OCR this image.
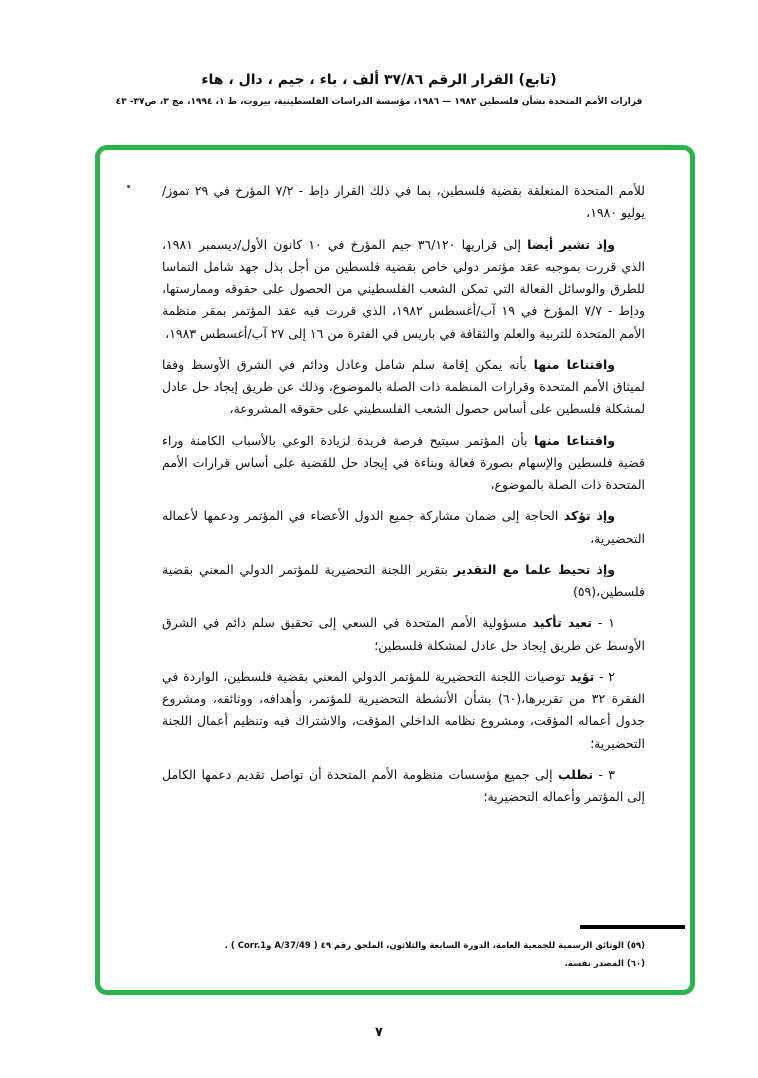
(تابع) القرار الرقم ٣٧/٨٦ ألف ، باء ، جيم ، دال ، هاء
قرارات الأمم المتحدة بشأن فلسطين ١٩٨٢ — ١٩٨٦، مؤسسة الدراسات الفلسطينية، بيروت، ط ١، ١٩٩٤، مج ٣، ص٣٧- ٤٣

للأمم المتحدة المتعلقة بقضية فلسطين، بما في ذلك القرار دإط - ٧/٢ المؤرخ في ٢٩ تموز/يوليو ١٩٨٠،

وإذ تشير أيضا إلى قراريها ٣٦/١٢٠ جيم المؤرخ في ١٠ كانون الأول/ديسمبر ١٩٨١، الذي قررت بموجبه عقد مؤتمر دولي خاص بقضية فلسطين من أجل بذل جهد شامل التماسا للطرق والوسائل الفعالة التي تمكن الشعب الفلسطيني من الحصول على حقوقه وممارستها، ودإط - ٧/٧ المؤرخ في ١٩ آب/أغسطس ١٩٨٢، الذي قررت فيه عقد المؤتمر بمقر منظمة الأمم المتحدة للتربية والعلم والثقافة في باريس في الفترة من ١٦ إلى ٢٧ آب/أغسطس ١٩٨٣،

واقتناعا منها بأنه يمكن إقامة سلم شامل وعادل ودائم في الشرق الأوسط وفقا لميثاق الأمم المتحدة وقرارات المنظمة ذات الصلة بالموضوع، وذلك عن طريق إيجاد حل عادل لمشكلة فلسطين على أساس حصول الشعب الفلسطيني على حقوقه المشروعة،

واقتناعا منها بأن المؤتمر سيتيح فرصة فريدة لزيادة الوعي بالأسباب الكامنة وراء قضية فلسطين والإسهام بصورة فعالة وبناءة في إيجاد حل للقضية على أساس قرارات الأمم المتحدة ذات الصلة بالموضوع،

وإذ تؤكد الحاجة إلى ضمان مشاركة جميع الدول الأعضاء في المؤتمر ودعمها لأعماله التحضيرية،

وإذ تحيط علما مع التقدير بتقرير اللجنة التحضيرية للمؤتمر الدولي المعني بقضية فلسطين،(٥٩)

١ - تعيد تأكيد مسؤولية الأمم المتحدة في السعي إلى تحقيق سلم دائم في الشرق الأوسط عن طريق إيجاد حل عادل لمشكلة فلسطين؛

٢ - تؤيد توصيات اللجنة التحضيرية للمؤتمر الدولي المعني بقضية فلسطين، الواردة في الفقرة ٣٢ من تقريرها،(٦٠) بشأن الأنشطة التحضيرية للمؤتمر، وأهدافه، ووثائقه، ومشروع جدول أعماله المؤقت، ومشروع نظامه الداخلي المؤقت، والاشتراك فيه وتنظيم أعمال اللجنة التحضيرية؛

٣ - تطلب إلى جميع مؤسسات منظومة الأمم المتحدة أن تواصل تقديم دعمها الكامل إلى المؤتمر وأعماله التحضيرية؛

(٥٩) الوثائق الرسمية للجمعية العامة، الدورة السابعة والثلاثون، الملحق رقم ٤٩ ( A/37/49 وCorr.1 ) .
(٦٠) المصدر نفسه.
٧
